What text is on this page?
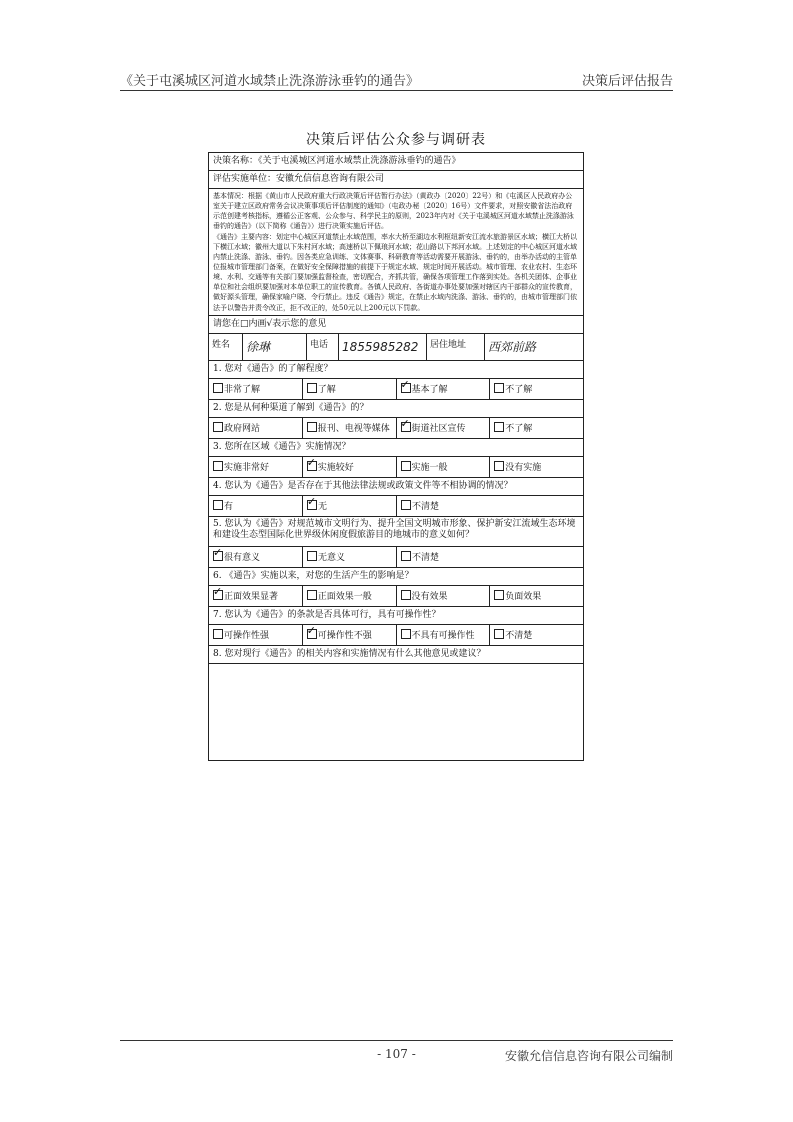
《关于屯溪城区河道水域禁止洗涤游泳垂钓的通告》	决策后评估报告
决策后评估公众参与调研表
决策名称：《关于屯溪城区河道水域禁止洗涤游泳垂钓的通告》
评估实施单位：安徽允信信息咨询有限公司
基本情况：根据《黄山市人民政府重大行政决策后评估暂行办法》（黄政办〔2020〕22号）和《屯溪区人民政府办公室关于建立区政府常务会议决策事项后评估制度的通知》（屯政办秘〔2020〕16号）文件要求，对照安徽省法治政府示范创建考核指标，遵循公正客观、公众参与、科学民主的原则，2023年内对《关于屯溪城区河道水域禁止洗涤游泳垂钓的通告》（以下简称《通告》）进行决策实施后评估。
《通告》主要内容：划定中心城区河道禁止水域范围，率水大桥至湖边水利枢纽新安江流水旅游景区水域；横江大桥以下横江水域；徽州大道以下朱村河水域；高速桥以下佩琅河水域；花山路以下邦河水域。上述划定的中心城区河道水域内禁止洗涤、游泳、垂钓。因各类应急训练、文体赛事、科研教育等活动需要开展游泳、垂钓的，由举办活动的主管单位报城市管理部门备案，在做好安全保障措施的前提下于规定水域、规定时间开展活动。城市管理、农业农村、生态环境、水利、交通等有关部门要加强监督检查，密切配合，齐抓共管，确保各项管理工作落到实处。各机关团体、企事业单位和社会组织要加强对本单位职工的宣传教育。各镇人民政府、各街道办事处要加强对辖区内干部群众的宣传教育，做好源头管理，确保家喻户晓、令行禁止。违反《通告》规定，在禁止水域内洗涤、游泳、垂钓的，由城市管理部门依法予以警告并责令改正，拒不改正的，处50元以上200元以下罚款。
请您在□内画√表示您的意见
姓名	徐琳	电话	1855985282	居住地址	西郊前路
1. 您对《通告》的了解程度？
非常了解	了解 ✓	基本了解	不了解
2. 您是从何种渠道了解到《通告》的？
政府网站	报刊、电视等媒体 ✓	街道社区宣传	不了解
3. 您所在区域《通告》实施情况？
实施非常好 ✓	实施较好	实施一般	没有实施
4. 您认为《通告》是否存在于其他法律法规或政策文件等不相协调的情况？
有 ✓	无	不清楚
5. 您认为《通告》对规范城市文明行为、提升全国文明城市形象、保护新安江流域生态环境和建设生态型国际化世界级休闲度假旅游目的地城市的意义如何？
✓很有意义	无意义	不清楚
6. 《通告》实施以来，对您的生活产生的影响是？
✓正面效果显著	正面效果一般	没有效果	负面效果
7. 您认为《通告》的条款是否具体可行，具有可操作性？
可操作性强 ✓	可操作性不强	不具有可操作性	不清楚
8. 您对现行《通告》的相关内容和实施情况有什么其他意见或建议？
- 107 -	安徽允信信息咨询有限公司编制
